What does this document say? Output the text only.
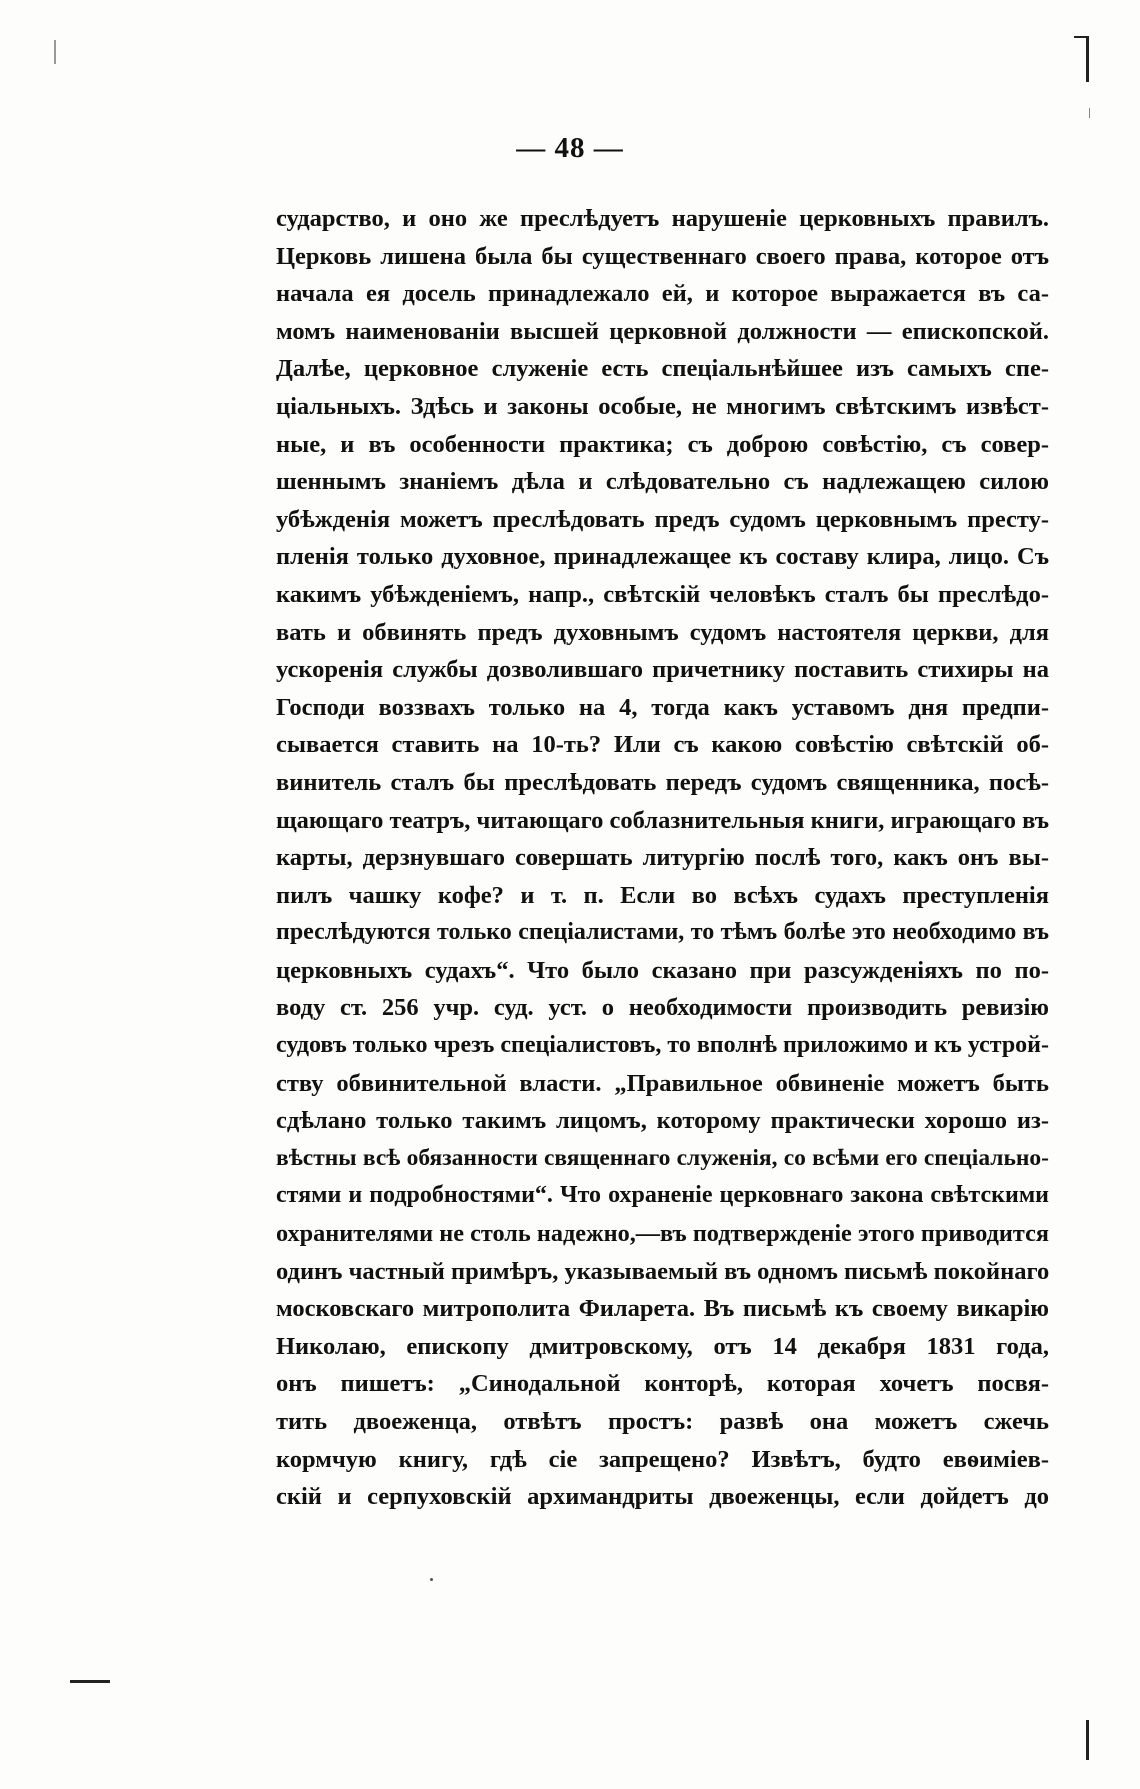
— 48 —
сударство, и оно же преслѣдуетъ нарушеніе церковныхъ правилъ.
Церковь лишена была бы существеннаго своего права, которое отъ
начала ея досель принадлежало ей, и которое выражается въ са-
момъ наименованіи высшей церковной должности — епископской.
Далѣе, церковное служеніе есть спеціальнѣйшее изъ самыхъ спе-
ціальныхъ. Здѣсь и законы особые, не многимъ свѣтскимъ извѣст-
ные, и въ особенности практика; съ доброю совѣстію, съ совер-
шеннымъ знаніемъ дѣла и слѣдовательно съ надлежащею силою
убѣжденія можетъ преслѣдовать предъ судомъ церковнымъ престу-
пленія только духовное, принадлежащее къ составу клира, лицо. Съ
какимъ убѣжденіемъ, напр., свѣтскій человѣкъ сталъ бы преслѣдо-
вать и обвинять предъ духовнымъ судомъ настоятеля церкви, для
ускоренія службы дозволившаго причетнику поставить стихиры на
Господи воззвахъ только на 4, тогда какъ уставомъ дня предпи-
сывается ставить на 10-ть? Или съ какою совѣстію свѣтскій об-
винитель сталъ бы преслѣдовать передъ судомъ священника, посѣ-
щающаго театръ, читающаго соблазнительныя книги, играющаго въ
карты, дерзнувшаго совершать литургію послѣ того, какъ онъ вы-
пилъ чашку кофе? и т. п. Если во всѣхъ судахъ преступленія
преслѣдуются только спеціалистами, то тѣмъ болѣе это необходимо въ
церковныхъ судахъ“. Что было сказано при разсужденіяхъ по по-
воду ст. 256 учр. суд. уст. о необходимости производить ревизію
судовъ только чрезъ спеціалистовъ, то вполнѣ приложимо и къ устрой-
ству обвинительной власти. „Правильное обвиненіе можетъ быть
сдѣлано только такимъ лицомъ, которому практически хорошо из-
вѣстны всѣ обязанности священнаго служенія, со всѣми его спеціально-
стями и подробностями“. Что охраненіе церковнаго закона свѣтскими
охранителями не столь надежно,—въ подтвержденіе этого приводится
одинъ частный примѣръ, указываемый въ одномъ письмѣ покойнаго
московскаго митрополита Филарета. Въ письмѣ къ своему викарію
Николаю, епископу дмитровскому, отъ 14 декабря 1831 года,
онъ пишетъ: „Синодальной конторѣ, которая хочетъ посвя-
тить двоеженца, отвѣтъ простъ: развѣ она можетъ сжечь
кормчую книгу, гдѣ сіе запрещено? Извѣтъ, будто евѳиміев-
скій и серпуховскій архимандриты двоеженцы, если дойдетъ до
